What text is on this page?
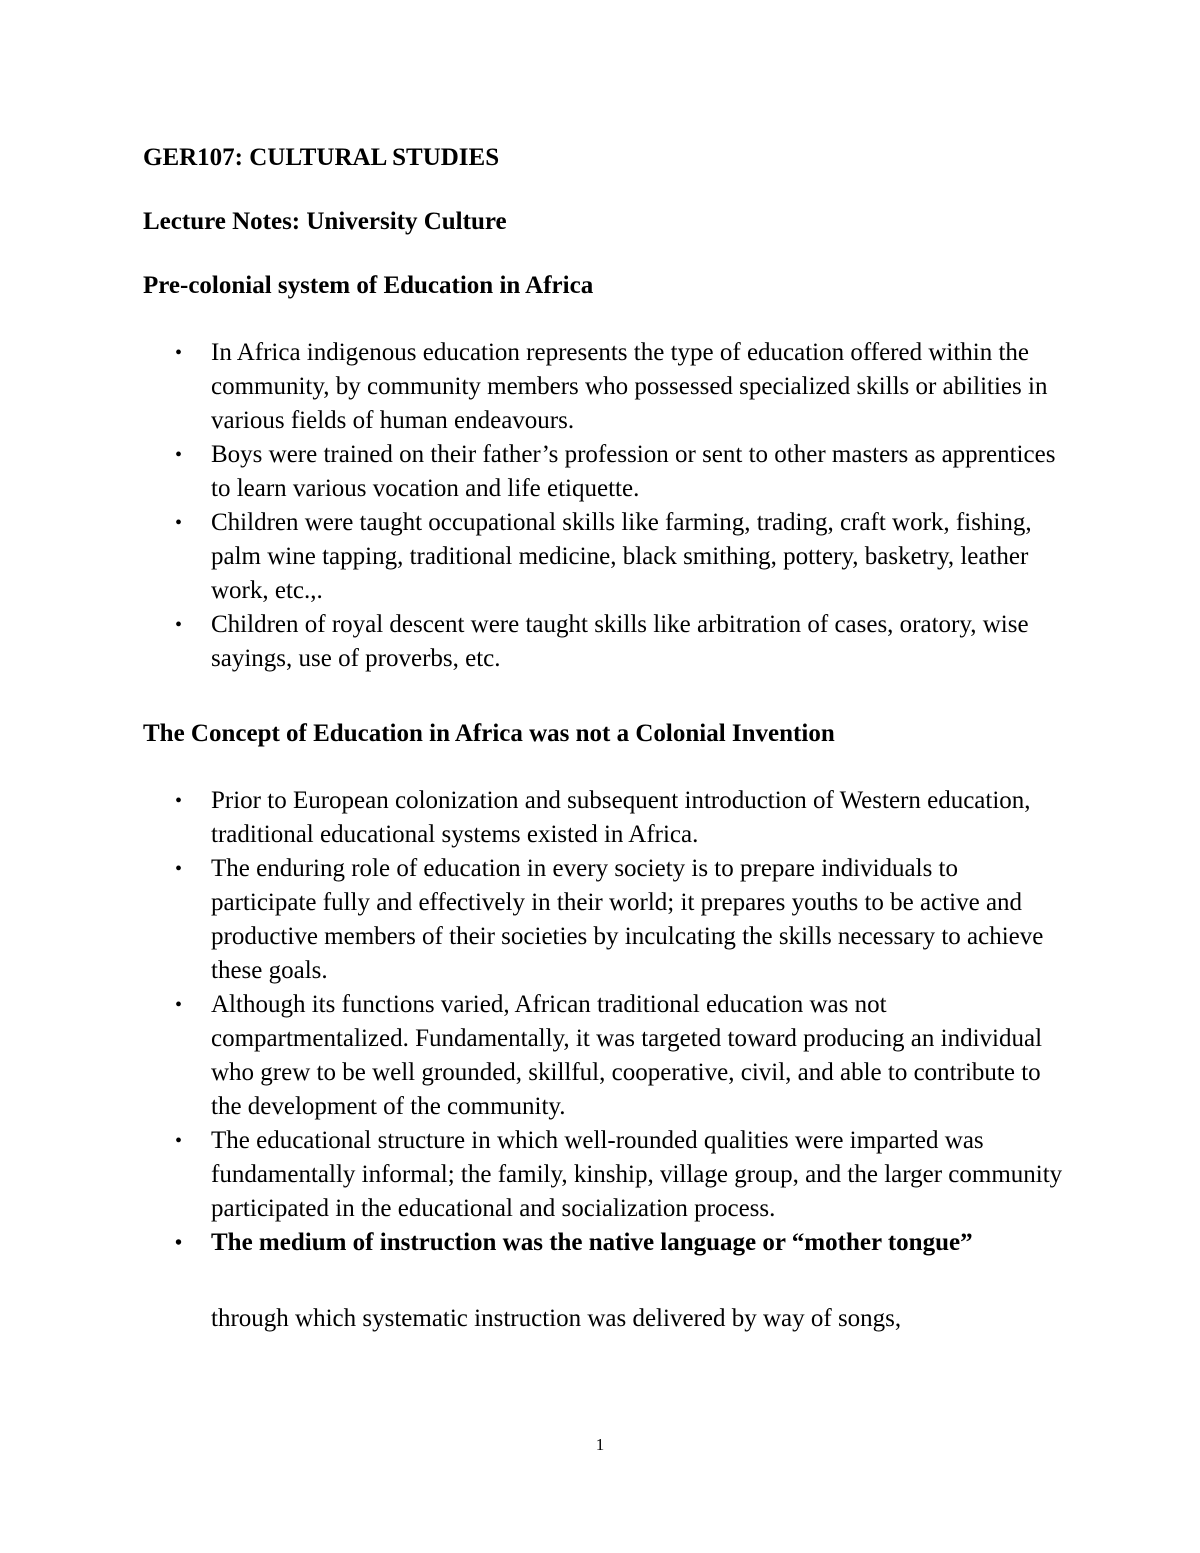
GER107: CULTURAL STUDIES
Lecture Notes: University Culture
Pre-colonial system of Education in Africa
• In Africa indigenous education represents the type of education offered within the community, by community members who possessed specialized skills or abilities in various fields of human endeavours.
• Boys were trained on their father’s profession or sent to other masters as apprentices to learn various vocation and life etiquette.
• Children were taught occupational skills like farming, trading, craft work, fishing, palm wine tapping, traditional medicine, black smithing, pottery, basketry, leather work, etc.,.
• Children of royal descent were taught skills like arbitration of cases, oratory, wise sayings, use of proverbs, etc.
The Concept of Education in Africa was not a Colonial Invention
• Prior to European colonization and subsequent introduction of Western education, traditional educational systems existed in Africa.
• The enduring role of education in every society is to prepare individuals to participate fully and effectively in their world; it prepares youths to be active and productive members of their societies by inculcating the skills necessary to achieve these goals.
• Although its functions varied, African traditional education was not compartmentalized. Fundamentally, it was targeted toward producing an individual who grew to be well grounded, skillful, cooperative, civil, and able to contribute to the development of the community.
• The educational structure in which well-rounded qualities were imparted was fundamentally informal; the family, kinship, village group, and the larger community participated in the educational and socialization process.
• The medium of instruction was the native language or “mother tongue”

through which systematic instruction was delivered by way of songs,

1
